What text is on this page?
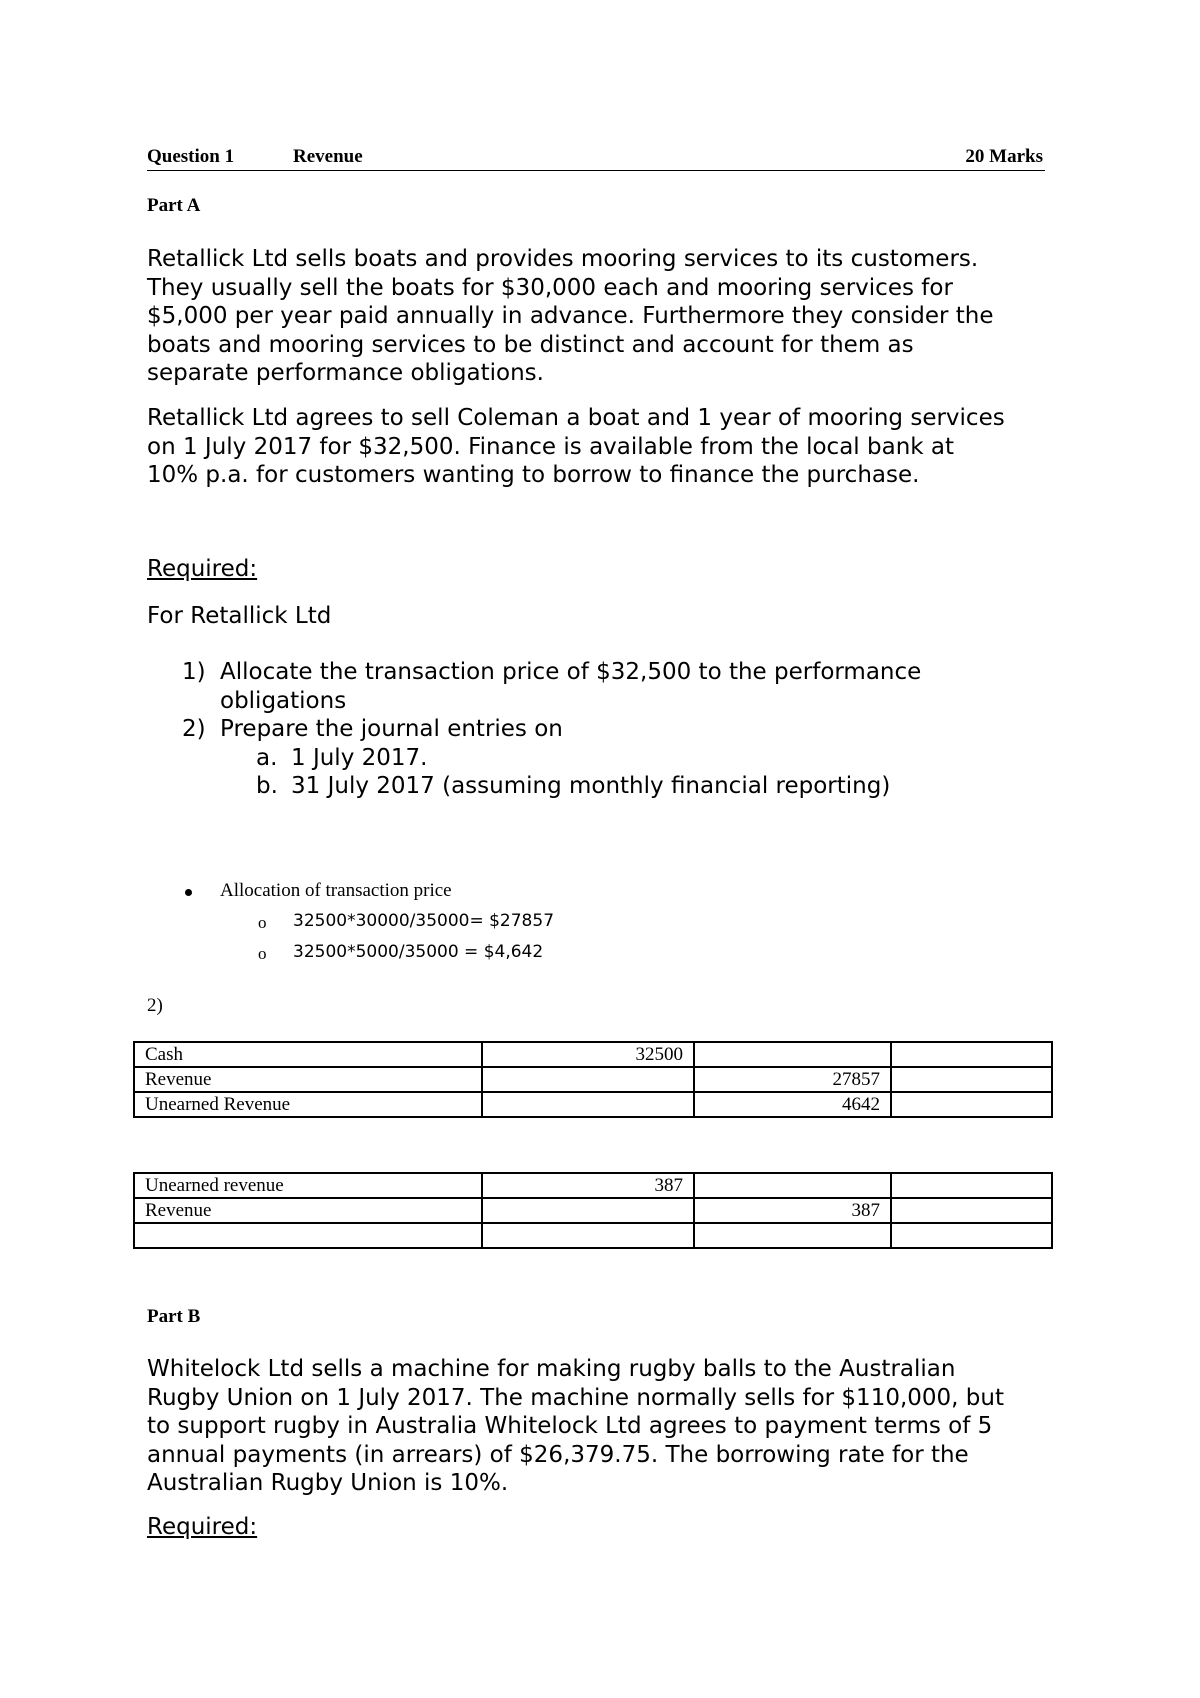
Question 1	Revenue	20 Marks
Part A
Retallick Ltd sells boats and provides mooring services to its customers.
They usually sell the boats for $30,000 each and mooring services for
$5,000 per year paid annually in advance. Furthermore they consider the
boats and mooring services to be distinct and account for them as
separate performance obligations.
Retallick Ltd agrees to sell Coleman a boat and 1 year of mooring services
on 1 July 2017 for $32,500. Finance is available from the local bank at
10% p.a. for customers wanting to borrow to finance the purchase.
Required:
For Retallick Ltd
1) Allocate the transaction price of $32,500 to the performance
obligations
2) Prepare the journal entries on
a. 1 July 2017.
b. 31 July 2017 (assuming monthly financial reporting)
Allocation of transaction price
o 32500*30000/35000= $27857
o 32500*5000/35000 = $4,642
2)
Cash	32500		
Revenue		27857	
Unearned Revenue		4642	
Unearned revenue	387		
Revenue		387	

Part B
Whitelock Ltd sells a machine for making rugby balls to the Australian
Rugby Union on 1 July 2017. The machine normally sells for $110,000, but
to support rugby in Australia Whitelock Ltd agrees to payment terms of 5
annual payments (in arrears) of $26,379.75. The borrowing rate for the
Australian Rugby Union is 10%.
Required:
